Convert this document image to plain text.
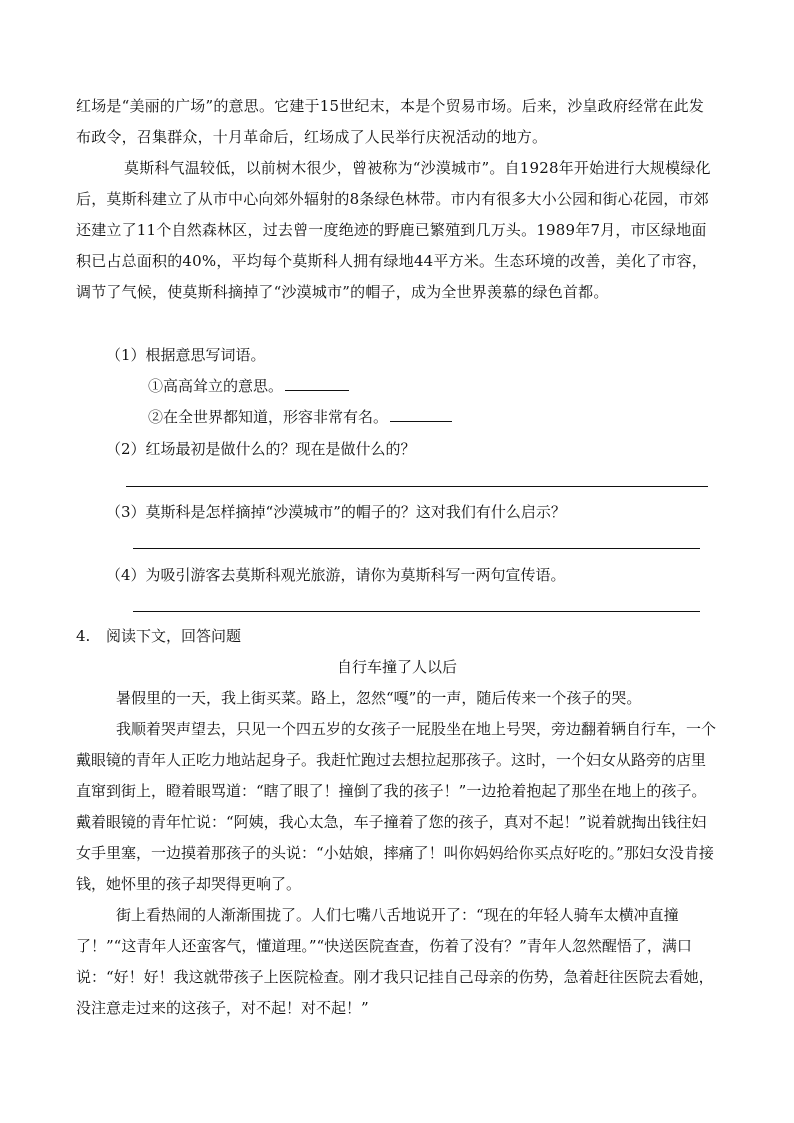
红场是“美丽的广场”的意思。它建于15世纪末，本是个贸易市场。后来，沙皇政府经常在此发布政令，召集群众，十月革命后，红场成了人民举行庆祝活动的地方。

莫斯科气温较低，以前树木很少，曾被称为“沙漠城市”。自1928年开始进行大规模绿化后，莫斯科建立了从市中心向郊外辐射的8条绿色林带。市内有很多大小公园和街心花园，市郊还建立了11个自然森林区，过去曾一度绝迹的野鹿已繁殖到几万头。1989年7月，市区绿地面积已占总面积的40%，平均每个莫斯科人拥有绿地44平方米。生态环境的改善，美化了市容，调节了气候，使莫斯科摘掉了“沙漠城市”的帽子，成为全世界羡慕的绿色首都。

（1）根据意思写词语。

①高高耸立的意思。

②在全世界都知道，形容非常有名。

（2）红场最初是做什么的？现在是做什么的？

（3）莫斯科是怎样摘掉“沙漠城市”的帽子的？这对我们有什么启示？

（4）为吸引游客去莫斯科观光旅游，请你为莫斯科写一两句宣传语。

4. 阅读下文，回答问题

自行车撞了人以后

暑假里的一天，我上街买菜。路上，忽然“嘎”的一声，随后传来一个孩子的哭。

我顺着哭声望去，只见一个四五岁的女孩子一屁股坐在地上号哭，旁边翻着辆自行车，一个戴眼镜的青年人正吃力地站起身子。我赶忙跑过去想拉起那孩子。这时，一个妇女从路旁的店里直窜到街上，瞪着眼骂道：“瞎了眼了！撞倒了我的孩子！”一边抢着抱起了那坐在地上的孩子。戴着眼镜的青年忙说：“阿姨，我心太急，车子撞着了您的孩子，真对不起！”说着就掏出钱往妇女手里塞，一边摸着那孩子的头说：“小姑娘，摔痛了！叫你妈妈给你买点好吃的。”那妇女没肯接钱，她怀里的孩子却哭得更响了。

街上看热闹的人渐渐围拢了。人们七嘴八舌地说开了：“现在的年轻人骑车太横冲直撞了！”“这青年人还蛮客气，懂道理。”“快送医院查查，伤着了没有？”青年人忽然醒悟了，满口说：“好！好！我这就带孩子上医院检查。刚才我只记挂自己母亲的伤势，急着赶往医院去看她，没注意走过来的这孩子，对不起！对不起！”
